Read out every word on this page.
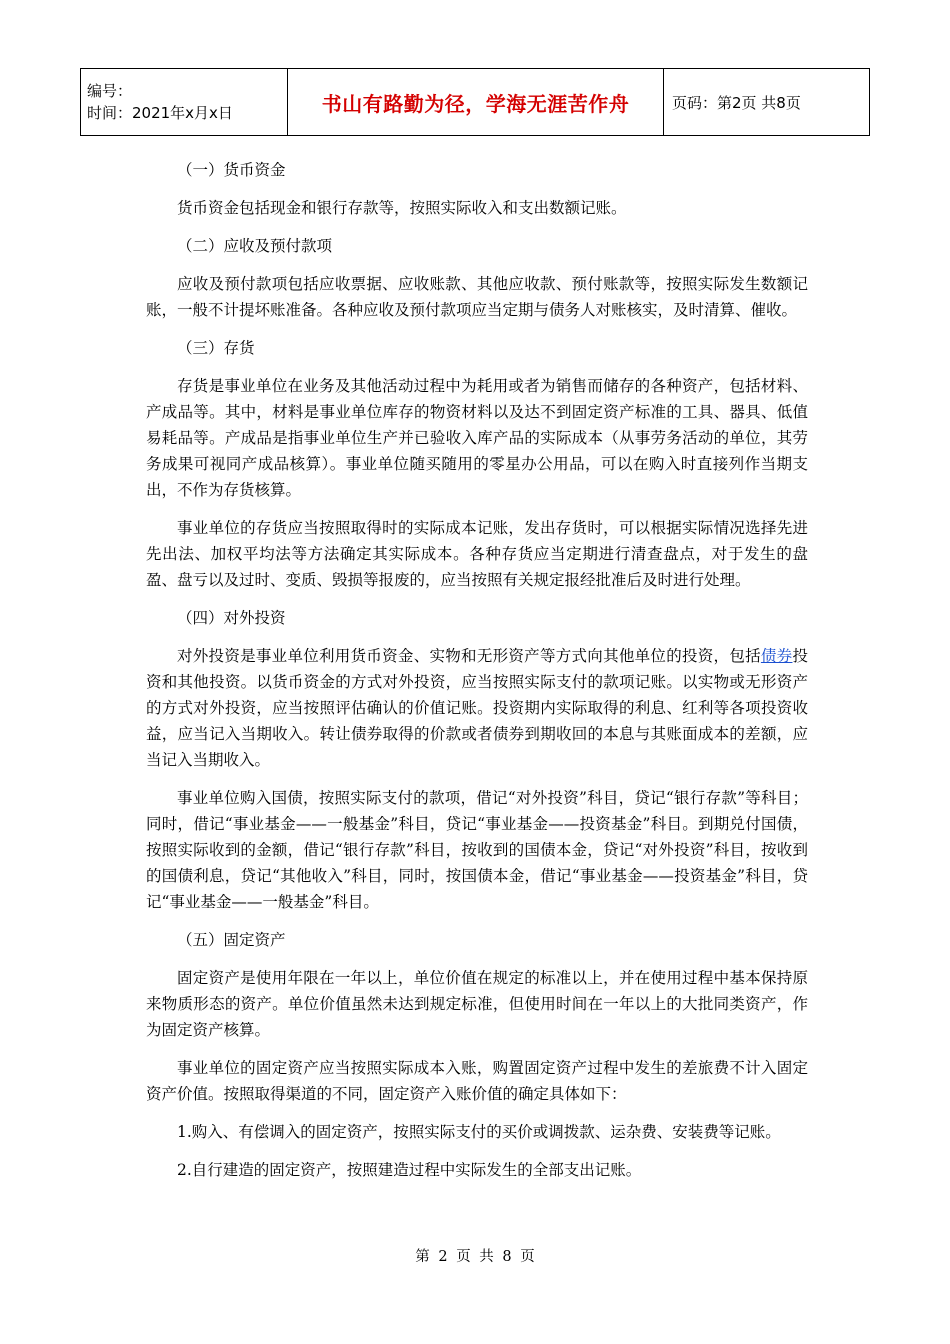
编号：
时间：2021年x月x日	书山有路勤为径，学海无涯苦作舟	页码：第2页 共8页

（一）货币资金

货币资金包括现金和银行存款等，按照实际收入和支出数额记账。

（二）应收及预付款项

应收及预付款项包括应收票据、应收账款、其他应收款、预付账款等，按照实际发生数额记账，一般不计提坏账准备。各种应收及预付款项应当定期与债务人对账核实，及时清算、催收。

（三）存货

存货是事业单位在业务及其他活动过程中为耗用或者为销售而储存的各种资产，包括材料、产成品等。其中，材料是事业单位库存的物资材料以及达不到固定资产标准的工具、器具、低值易耗品等。产成品是指事业单位生产并已验收入库产品的实际成本（从事劳务活动的单位，其劳务成果可视同产成品核算）。事业单位随买随用的零星办公用品，可以在购入时直接列作当期支出，不作为存货核算。

事业单位的存货应当按照取得时的实际成本记账，发出存货时，可以根据实际情况选择先进先出法、加权平均法等方法确定其实际成本。各种存货应当定期进行清查盘点，对于发生的盘盈、盘亏以及过时、变质、毁损等报废的，应当按照有关规定报经批准后及时进行处理。

（四）对外投资

对外投资是事业单位利用货币资金、实物和无形资产等方式向其他单位的投资，包括债券投资和其他投资。以货币资金的方式对外投资，应当按照实际支付的款项记账。以实物或无形资产的方式对外投资，应当按照评估确认的价值记账。投资期内实际取得的利息、红利等各项投资收益，应当记入当期收入。转让债券取得的价款或者债券到期收回的本息与其账面成本的差额，应当记入当期收入。

事业单位购入国债，按照实际支付的款项，借记“对外投资”科目，贷记“银行存款”等科目；同时，借记“事业基金——一般基金”科目，贷记“事业基金——投资基金”科目。到期兑付国债，按照实际收到的金额，借记“银行存款”科目，按收到的国债本金，贷记“对外投资”科目，按收到的国债利息，贷记“其他收入”科目，同时，按国债本金，借记“事业基金——投资基金”科目，贷记“事业基金——一般基金”科目。

（五）固定资产

固定资产是使用年限在一年以上，单位价值在规定的标准以上，并在使用过程中基本保持原来物质形态的资产。单位价值虽然未达到规定标准，但使用时间在一年以上的大批同类资产，作为固定资产核算。

事业单位的固定资产应当按照实际成本入账，购置固定资产过程中发生的差旅费不计入固定资产价值。按照取得渠道的不同，固定资产入账价值的确定具体如下：

1.购入、有偿调入的固定资产，按照实际支付的买价或调拨款、运杂费、安装费等记账。

2.自行建造的固定资产，按照建造过程中实际发生的全部支出记账。

第 2 页 共 8 页
